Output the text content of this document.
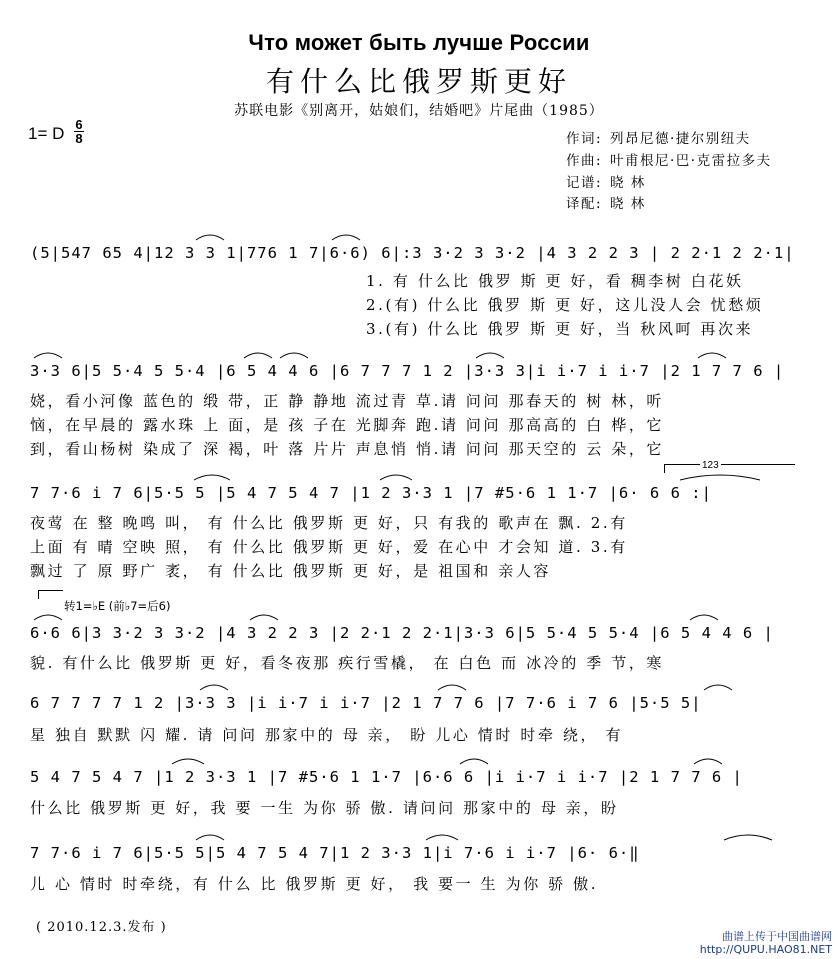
Что может быть лучше России
有什么比俄罗斯更好
苏联电影《别离开，姑娘们，结婚吧》片尾曲（1985）
1= D 6
8	作词: 列昂尼德·捷尔别纽夫
作曲: 叶甫根尼·巴·克雷拉多夫
记谱: 晓 林
译配: 晓 林
(5|547 65 4|12 3 3 1|776 1 7|6·6) 6|:3 3·2 3 3·2 |4 3 2 2 3 | 2 2·1 2 2·1|
1. 有 什么比 俄罗 斯 更 好，看 稠李树 白花妖
2.(有) 什么比 俄罗 斯 更 好，这儿没人会 忧愁烦
3.(有) 什么比 俄罗 斯 更 好，当 秋风呵 再次来
3·3 6|5 5·4 5 5·4 |6 5 4 4 6 |6 7 7 7 1 2 |3·3 3|i i·7 i i·7 |2 1 7 7 6 |
娆，看小河像 蓝色的 缎 带，正 静 静地 流过青 草.请 问问 那春天的 树 林，听
恼，在早晨的 露水珠 上 面，是 孩 子在 光脚奔 跑.请 问问 那高高的 白 桦，它
到，看山杨树 染成了 深 褐，叶 落 片片 声息悄 悄.请 问问 那天空的 云 朵，它
123
7 7·6 i 7 6|5·5 5 |5 4 7 5 4 7 |1 2 3·3 1 |7 #5·6 1 1·7 |6· 6 6 :|
夜莺 在 整 晚鸣 叫， 有 什么比 俄罗斯 更 好，只 有我的 歌声在 飘. 2.有
上面 有 晴 空映 照， 有 什么比 俄罗斯 更 好，爱 在心中 才会知 道. 3.有
飘过 了 原 野广 袤， 有 什么比 俄罗斯 更 好，是 祖国和 亲人容
转1=♭E (前♭7=后6)
6·6 6|3 3·2 3 3·2 |4 3 2 2 3 |2 2·1 2 2·1|3·3 6|5 5·4 5 5·4 |6 5 4 4 6 |
貌. 有什么比 俄罗斯 更 好，看冬夜那 疾行雪橇， 在 白色 而 冰冷的 季 节，寒
6 7 7 7 7 1 2 |3·3 3 |i i·7 i i·7 |2 1 7 7 6 |7 7·6 i 7 6 |5·5 5|
星 独自 默默 闪 耀. 请 问问 那家中的 母 亲， 盼 儿心 情时 时牵 绕， 有
5 4 7 5 4 7 |1 2 3·3 1 |7 #5·6 1 1·7 |6·6 6 |i i·7 i i·7 |2 1 7 7 6 |
什么比 俄罗斯 更 好，我 要 一生 为你 骄 傲. 请问问 那家中的 母 亲，盼
7 7·6 i 7 6|5·5 5|5 4 7 5 4 7|1 2 3·3 1|i 7·6 i i·7 |6· 6·‖
儿 心 情时 时牵绕，有 什么 比 俄罗斯 更 好， 我 要一 生 为你 骄 傲.
( 2010.12.3.发布 )
曲谱上传于中国曲谱网
http://QUPU.HAO81.NET
